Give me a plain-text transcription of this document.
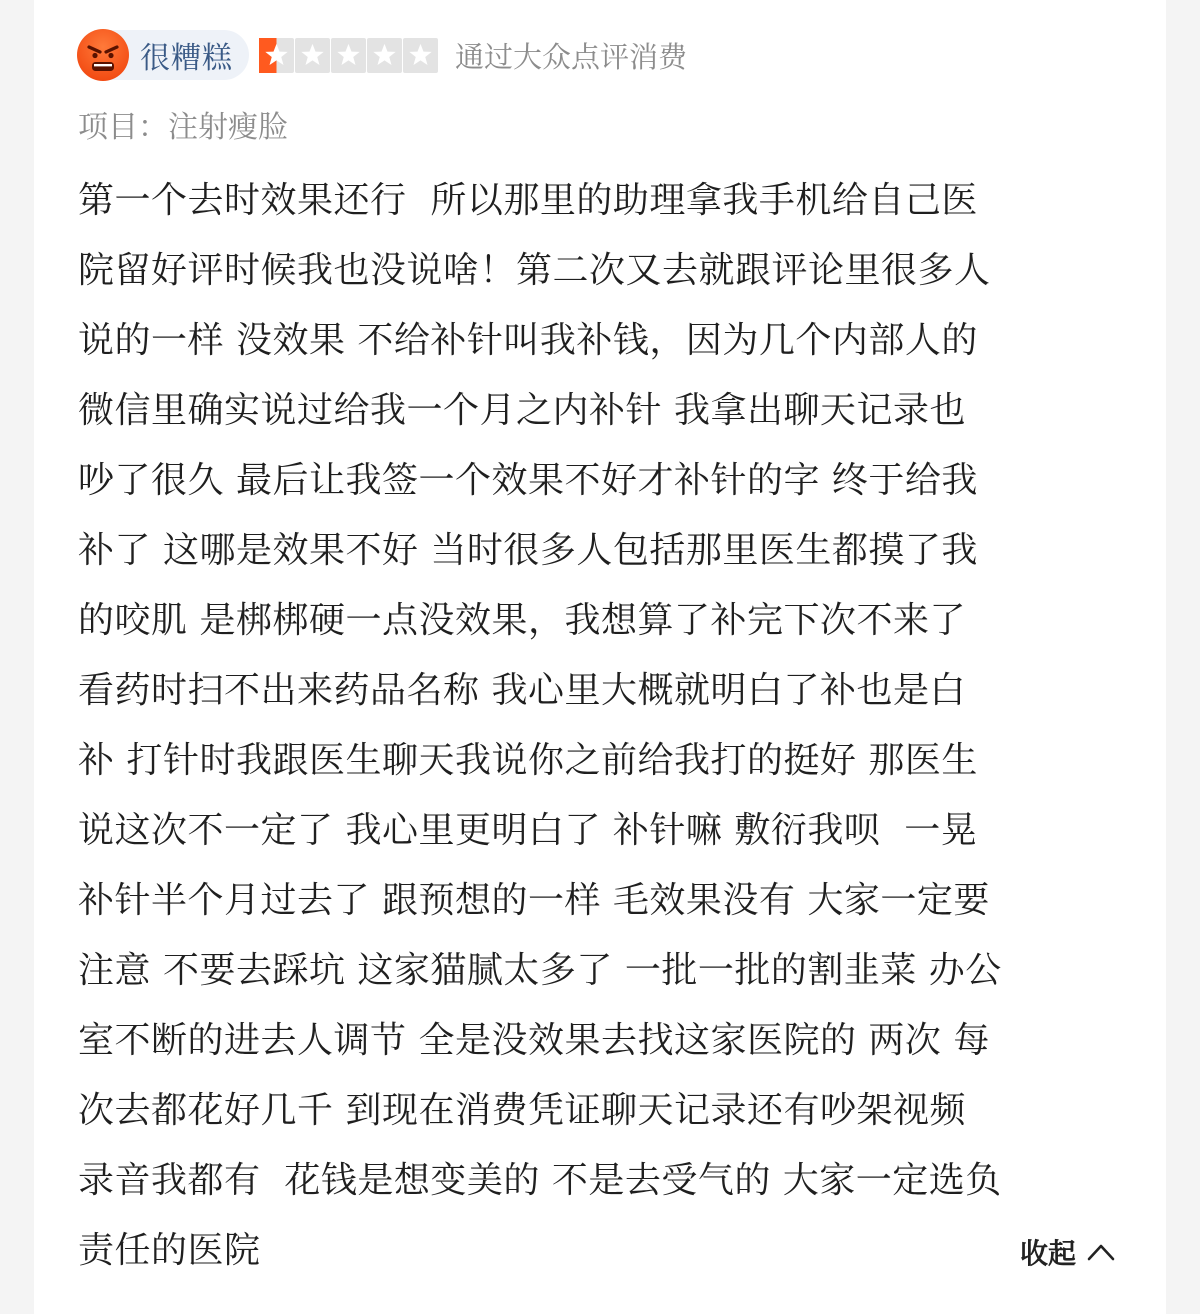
很糟糕	通过大众点评消费
项目：注射瘦脸
第一个去时效果还行  所以那里的助理拿我手机给自己医
院留好评时候我也没说啥！第二次又去就跟评论里很多人
说的一样 没效果 不给补针叫我补钱，因为几个内部人的
微信里确实说过给我一个月之内补针 我拿出聊天记录也
吵了很久 最后让我签一个效果不好才补针的字 终于给我
补了 这哪是效果不好 当时很多人包括那里医生都摸了我
的咬肌 是梆梆硬一点没效果，我想算了补完下次不来了
看药时扫不出来药品名称 我心里大概就明白了补也是白
补 打针时我跟医生聊天我说你之前给我打的挺好 那医生
说这次不一定了 我心里更明白了 补针嘛 敷衍我呗  一晃
补针半个月过去了 跟预想的一样 毛效果没有 大家一定要
注意 不要去踩坑 这家猫腻太多了 一批一批的割韭菜 办公
室不断的进去人调节 全是没效果去找这家医院的 两次 每
次去都花好几千 到现在消费凭证聊天记录还有吵架视频
录音我都有  花钱是想变美的 不是去受气的 大家一定选负
责任的医院	收起
